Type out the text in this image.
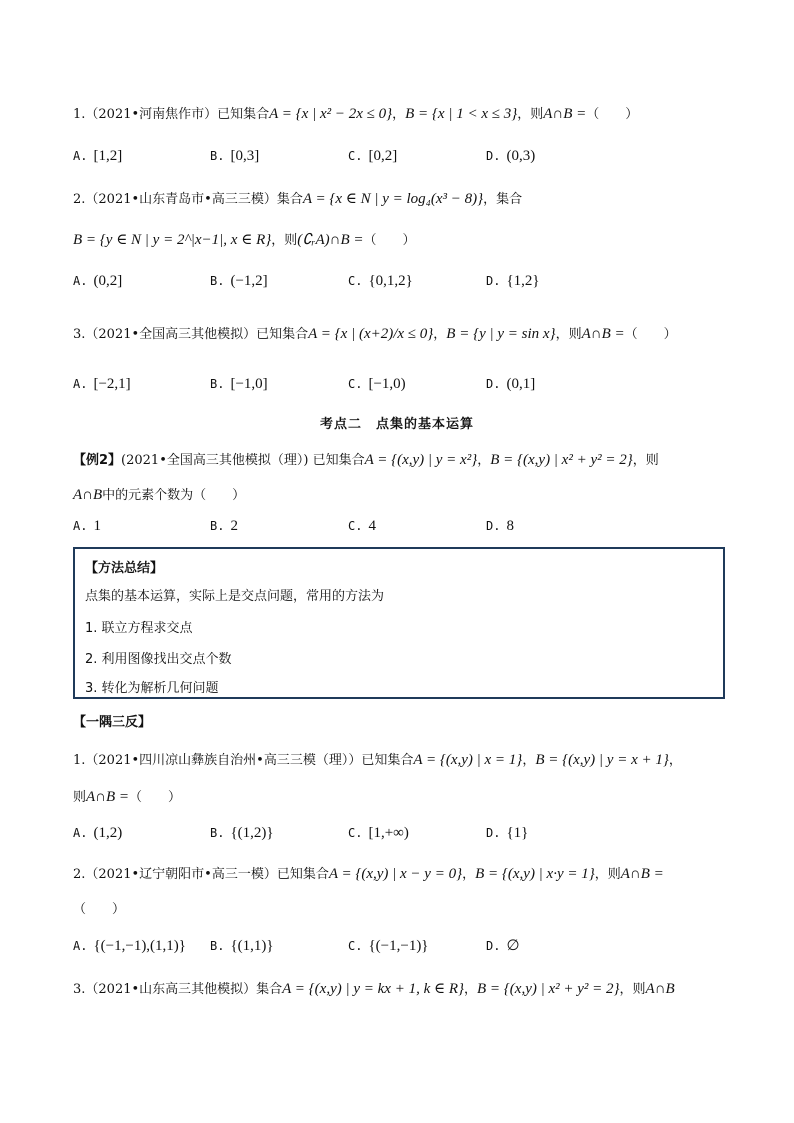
1.（2021•河南焦作市）已知集合A = {x | x² − 2x ≤ 0}，B = {x | 1 < x ≤ 3}，则A∩B =（　　）
A. [1,2]	B. [0,3]	C. [0,2]	D. (0,3)
2.（2021•山东青岛市•高三三模）集合A = {x ∈ N | y = log₄(x³ − 8)}，集合
B = {y ∈ N | y = 2^|x−1|, x ∈ R}，则(∁ᵣA)∩B =（　　）
A. (0,2]	B. (−1,2]	C. {0,1,2}	D. {1,2}
3.（2021•全国高三其他模拟）已知集合A = {x | (x+2)/x ≤ 0}，B = {y | y = sin x}，则A∩B =（　　）
A. [−2,1]	B. [−1,0]	C. [−1,0)	D. (0,1]
考点二　点集的基本运算
【例2】(2021•全国高三其他模拟（理）) 已知集合A = {(x,y) | y = x²}，B = {(x,y) | x² + y² = 2}，则
A∩B中的元素个数为（　　）
A. 1	B. 2	C. 4	D. 8
【方法总结】
点集的基本运算，实际上是交点问题，常用的方法为
1. 联立方程求交点
2. 利用图像找出交点个数
3. 转化为解析几何问题
【一隅三反】
1.（2021•四川凉山彝族自治州•高三三模（理））已知集合A = {(x,y) | x = 1}，B = {(x,y) | y = x + 1}，
则A∩B =（　　）
A. (1,2)	B. {(1,2)}	C. [1,+∞)	D. {1}
2.（2021•辽宁朝阳市•高三一模）已知集合A = {(x,y) | x − y = 0}，B = {(x,y) | x·y = 1}，则A∩B =
（　　）
A. {(−1,−1),(1,1)} B. {(1,1)}	C. {(−1,−1)}	D. ∅
3.（2021•山东高三其他模拟）集合A = {(x,y) | y = kx + 1, k ∈ R}，B = {(x,y) | x² + y² = 2}，则A∩B
